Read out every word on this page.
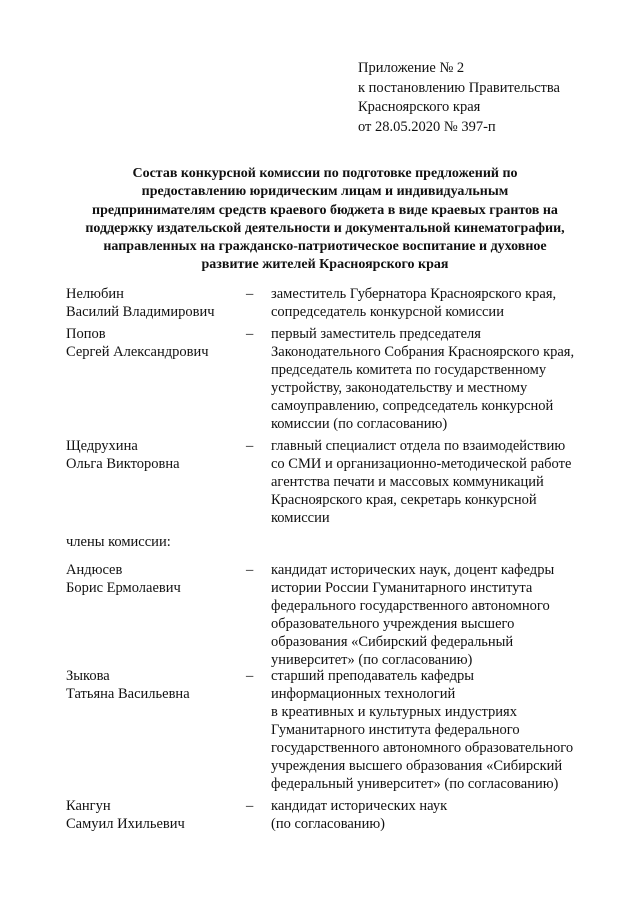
Приложение № 2
к постановлению Правительства
Красноярского края
от 28.05.2020 № 397-п
Состав конкурсной комиссии по подготовке предложений по
предоставлению юридическим лицам и индивидуальным
предпринимателям средств краевого бюджета в виде краевых грантов на
поддержку издательской деятельности и документальной кинематографии,
направленных на гражданско-патриотическое воспитание и духовное
развитие жителей Красноярского края
Нелюбин
Василий Владимирович
– заместитель Губернатора Красноярского края,
сопредседатель конкурсной комиссии
Попов
Сергей Александрович
– первый заместитель председателя
Законодательного Собрания Красноярского края,
председатель комитета по государственному
устройству, законодательству и местному
самоуправлению, сопредседатель конкурсной
комиссии (по согласованию)
Щедрухина
Ольга Викторовна
– главный специалист отдела по взаимодействию
со СМИ и организационно-методической работе
агентства печати и массовых коммуникаций
Красноярского края, секретарь конкурсной
комиссии
члены комиссии:
Андюсев
Борис Ермолаевич
– кандидат исторических наук, доцент кафедры
истории России Гуманитарного института
федерального государственного автономного
образовательного учреждения высшего
образования «Сибирский федеральный
университет» (по согласованию)
Зыкова
Татьяна Васильевна
– старший преподаватель кафедры
информационных технологий
в креативных и культурных индустриях
Гуманитарного института федерального
государственного автономного образовательного
учреждения высшего образования «Сибирский
федеральный университет» (по согласованию)
Кангун
Самуил Ихильевич
– кандидат исторических наук
(по согласованию)
